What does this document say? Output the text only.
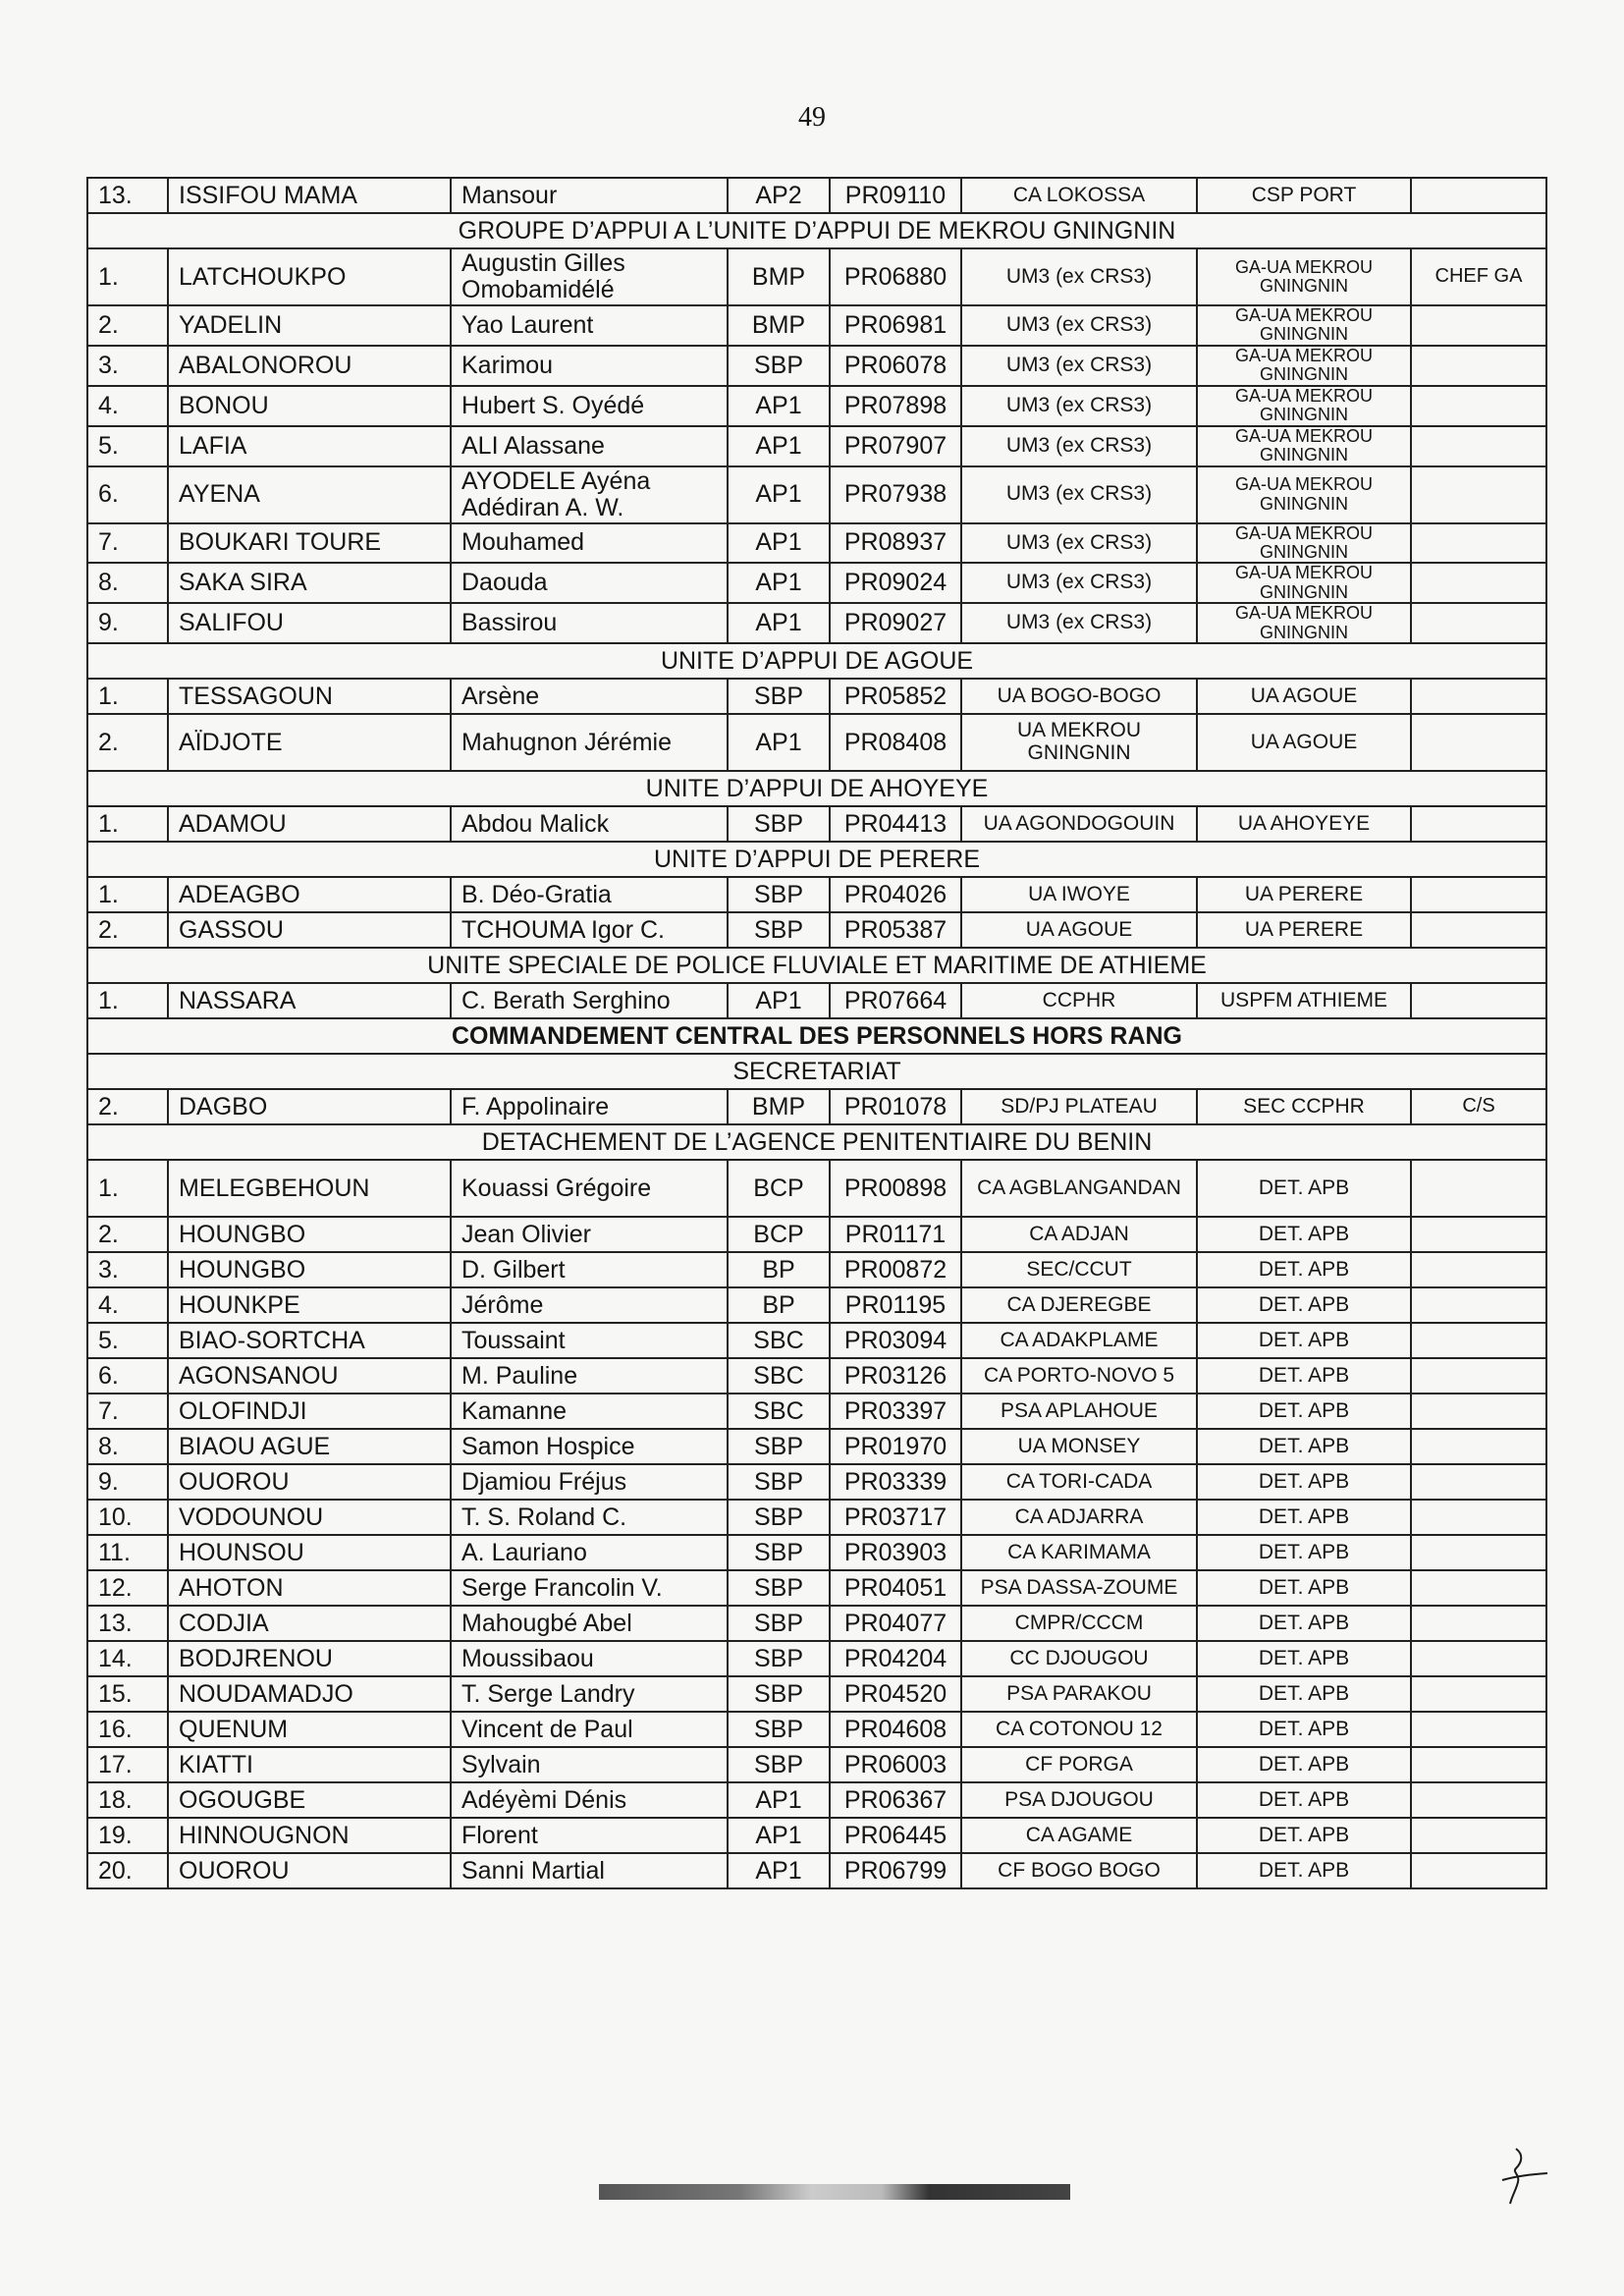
49
13.	ISSIFOU MAMA	Mansour	AP2	PR09110	CA LOKOSSA	CSP PORT	
GROUPE D’APPUI A L’UNITE D’APPUI DE MEKROU GNINGNIN							
1.	LATCHOUKPO	Augustin Gilles Omobamidélé	BMP	PR06880	UM3 (ex CRS3)	GA-UA MEKROU GNINGNIN	CHEF GA
2.	YADELIN	Yao Laurent	BMP	PR06981	UM3 (ex CRS3)	GA-UA MEKROU GNINGNIN	
3.	ABALONOROU	Karimou	SBP	PR06078	UM3 (ex CRS3)	GA-UA MEKROU GNINGNIN	
4.	BONOU	Hubert S. Oyédé	AP1	PR07898	UM3 (ex CRS3)	GA-UA MEKROU GNINGNIN	
5.	LAFIA	ALI Alassane	AP1	PR07907	UM3 (ex CRS3)	GA-UA MEKROU GNINGNIN	
6.	AYENA	AYODELE Ayéna Adédiran A. W.	AP1	PR07938	UM3 (ex CRS3)	GA-UA MEKROU GNINGNIN	
7.	BOUKARI TOURE	Mouhamed	AP1	PR08937	UM3 (ex CRS3)	GA-UA MEKROU GNINGNIN	
8.	SAKA SIRA	Daouda	AP1	PR09024	UM3 (ex CRS3)	GA-UA MEKROU GNINGNIN	
9.	SALIFOU	Bassirou	AP1	PR09027	UM3 (ex CRS3)	GA-UA MEKROU GNINGNIN	
UNITE D’APPUI DE AGOUE							
1.	TESSAGOUN	Arsène	SBP	PR05852	UA BOGO-BOGO	UA AGOUE	
2.	AÏDJOTE	Mahugnon Jérémie	AP1	PR08408	UA MEKROU GNINGNIN	UA AGOUE	
UNITE D’APPUI DE AHOYEYE							
1.	ADAMOU	Abdou Malick	SBP	PR04413	UA AGONDOGOUIN	UA AHOYEYE	
UNITE D’APPUI DE PERERE							
1.	ADEAGBO	B. Déo-Gratia	SBP	PR04026	UA IWOYE	UA PERERE	
2.	GASSOU	TCHOUMA Igor C.	SBP	PR05387	UA AGOUE	UA PERERE	
UNITE SPECIALE DE POLICE FLUVIALE ET MARITIME DE ATHIEME							
1.	NASSARA	C. Berath Serghino	AP1	PR07664	CCPHR	USPFM ATHIEME	
COMMANDEMENT CENTRAL DES PERSONNELS HORS RANG							
SECRETARIAT							
2.	DAGBO	F. Appolinaire	BMP	PR01078	SD/PJ PLATEAU	SEC CCPHR	C/S
DETACHEMENT DE L’AGENCE PENITENTIAIRE DU BENIN							
1.	MELEGBEHOUN	Kouassi Grégoire	BCP	PR00898	CA AGBLANGANDAN	DET. APB	
2.	HOUNGBO	Jean Olivier	BCP	PR01171	CA ADJAN	DET. APB	
3.	HOUNGBO	D. Gilbert	BP	PR00872	SEC/CCUT	DET. APB	
4.	HOUNKPE	Jérôme	BP	PR01195	CA DJEREGBE	DET. APB	
5.	BIAO-SORTCHA	Toussaint	SBC	PR03094	CA ADAKPLAME	DET. APB	
6.	AGONSANOU	M. Pauline	SBC	PR03126	CA PORTO-NOVO 5	DET. APB	
7.	OLOFINDJI	Kamanne	SBC	PR03397	PSA APLAHOUE	DET. APB	
8.	BIAOU AGUE	Samon Hospice	SBP	PR01970	UA MONSEY	DET. APB	
9.	OUOROU	Djamiou Fréjus	SBP	PR03339	CA TORI-CADA	DET. APB	
10.	VODOUNOU	T. S. Roland C.	SBP	PR03717	CA ADJARRA	DET. APB	
11.	HOUNSOU	A. Lauriano	SBP	PR03903	CA KARIMAMA	DET. APB	
12.	AHOTON	Serge Francolin V.	SBP	PR04051	PSA DASSA-ZOUME	DET. APB	
13.	CODJIA	Mahougbé Abel	SBP	PR04077	CMPR/CCCM	DET. APB	
14.	BODJRENOU	Moussibaou	SBP	PR04204	CC DJOUGOU	DET. APB	
15.	NOUDAMADJO	T. Serge Landry	SBP	PR04520	PSA PARAKOU	DET. APB	
16.	QUENUM	Vincent de Paul	SBP	PR04608	CA COTONOU 12	DET. APB	
17.	KIATTI	Sylvain	SBP	PR06003	CF PORGA	DET. APB	
18.	OGOUGBE	Adéyèmi Dénis	AP1	PR06367	PSA DJOUGOU	DET. APB	
19.	HINNOUGNON	Florent	AP1	PR06445	CA AGAME	DET. APB	
20.	OUOROU	Sanni Martial	AP1	PR06799	CF BOGO BOGO	DET. APB	
